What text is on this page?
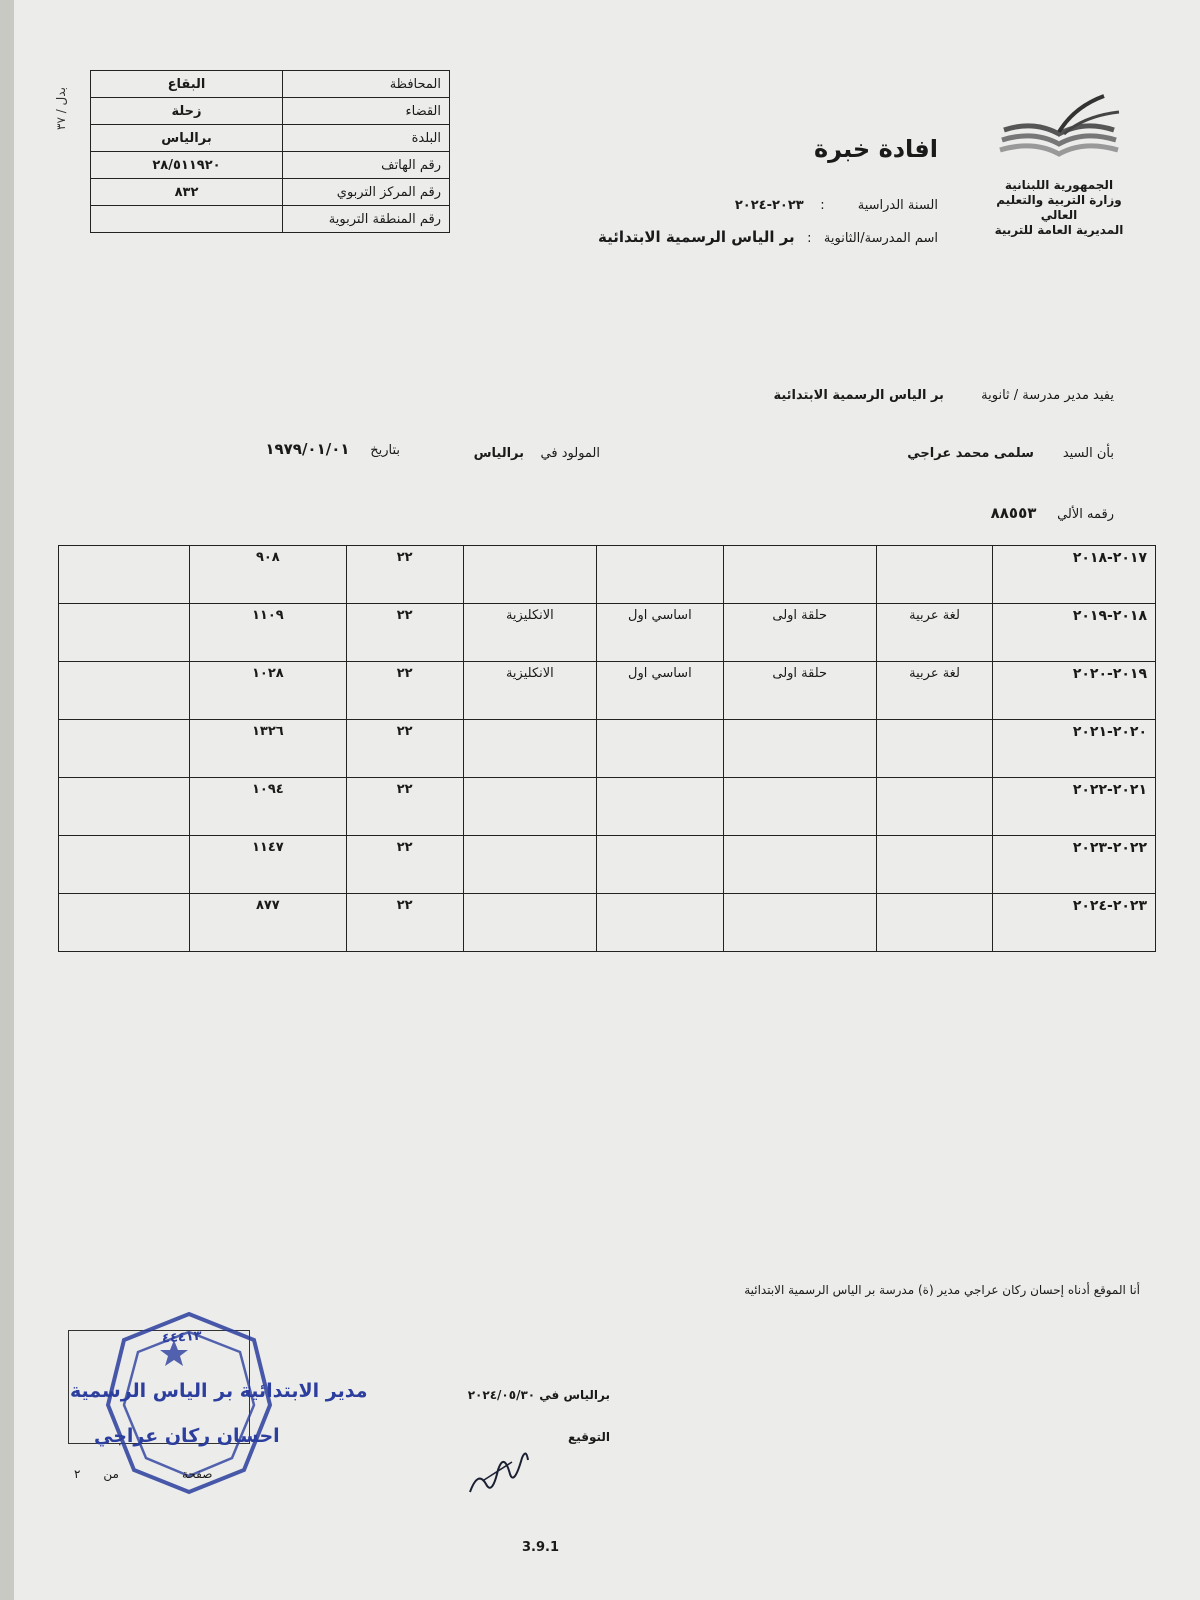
بدل / ٣٧
البقاع	المحافظة
زحلة	القضاء
برالياس	البلدة
٢٨/٥١١٩٢٠	رقم الهاتف
٨٣٢	رقم المركز التربوي
	رقم المنطقة التربوية
الجمهورية اللبنانية
وزارة التربية والتعليم العالي
المديرية العامة للتربية
افادة خبرة
السنة الدراسية        :    ٢٠٢٣-٢٠٢٤
اسم المدرسة/الثانوية   :   بر الياس الرسمية الابتدائية
يفيد مدير مدرسة / ثانوية         بر الياس الرسمية الابتدائية
بأن السيد       سلمى محمد عراجي
المولود في    برالياس
بتاريخ     ١٩٧٩/٠١/٠١
رقمه الألي     ٨٨٥٥٣
٢٠١٧-٢٠١٨					٢٢	٩٠٨	
٢٠١٨-٢٠١٩	لغة عربية	حلقة اولى	اساسي اول	الانكليزية	٢٢	١١٠٩	
٢٠١٩-٢٠٢٠	لغة عربية	حلقة اولى	اساسي اول	الانكليزية	٢٢	١٠٢٨	
٢٠٢٠-٢٠٢١					٢٢	١٣٢٦	
٢٠٢١-٢٠٢٢					٢٢	١٠٩٤	
٢٠٢٢-٢٠٢٣					٢٢	١١٤٧	
٢٠٢٣-٢٠٢٤					٢٢	٨٧٧	
أنا الموقع أدناه إحسان ركان عراجي مدير (ة) مدرسة بر الياس الرسمية الابتدائية
برالياس في ٢٠٢٤/٠٥/٣٠
التوقيع
٤٤٤١٣
مدير الابتدائية بر الياس الرسمية
احسان ركان عراجي
صفحة
من      ٢
3.9.1
